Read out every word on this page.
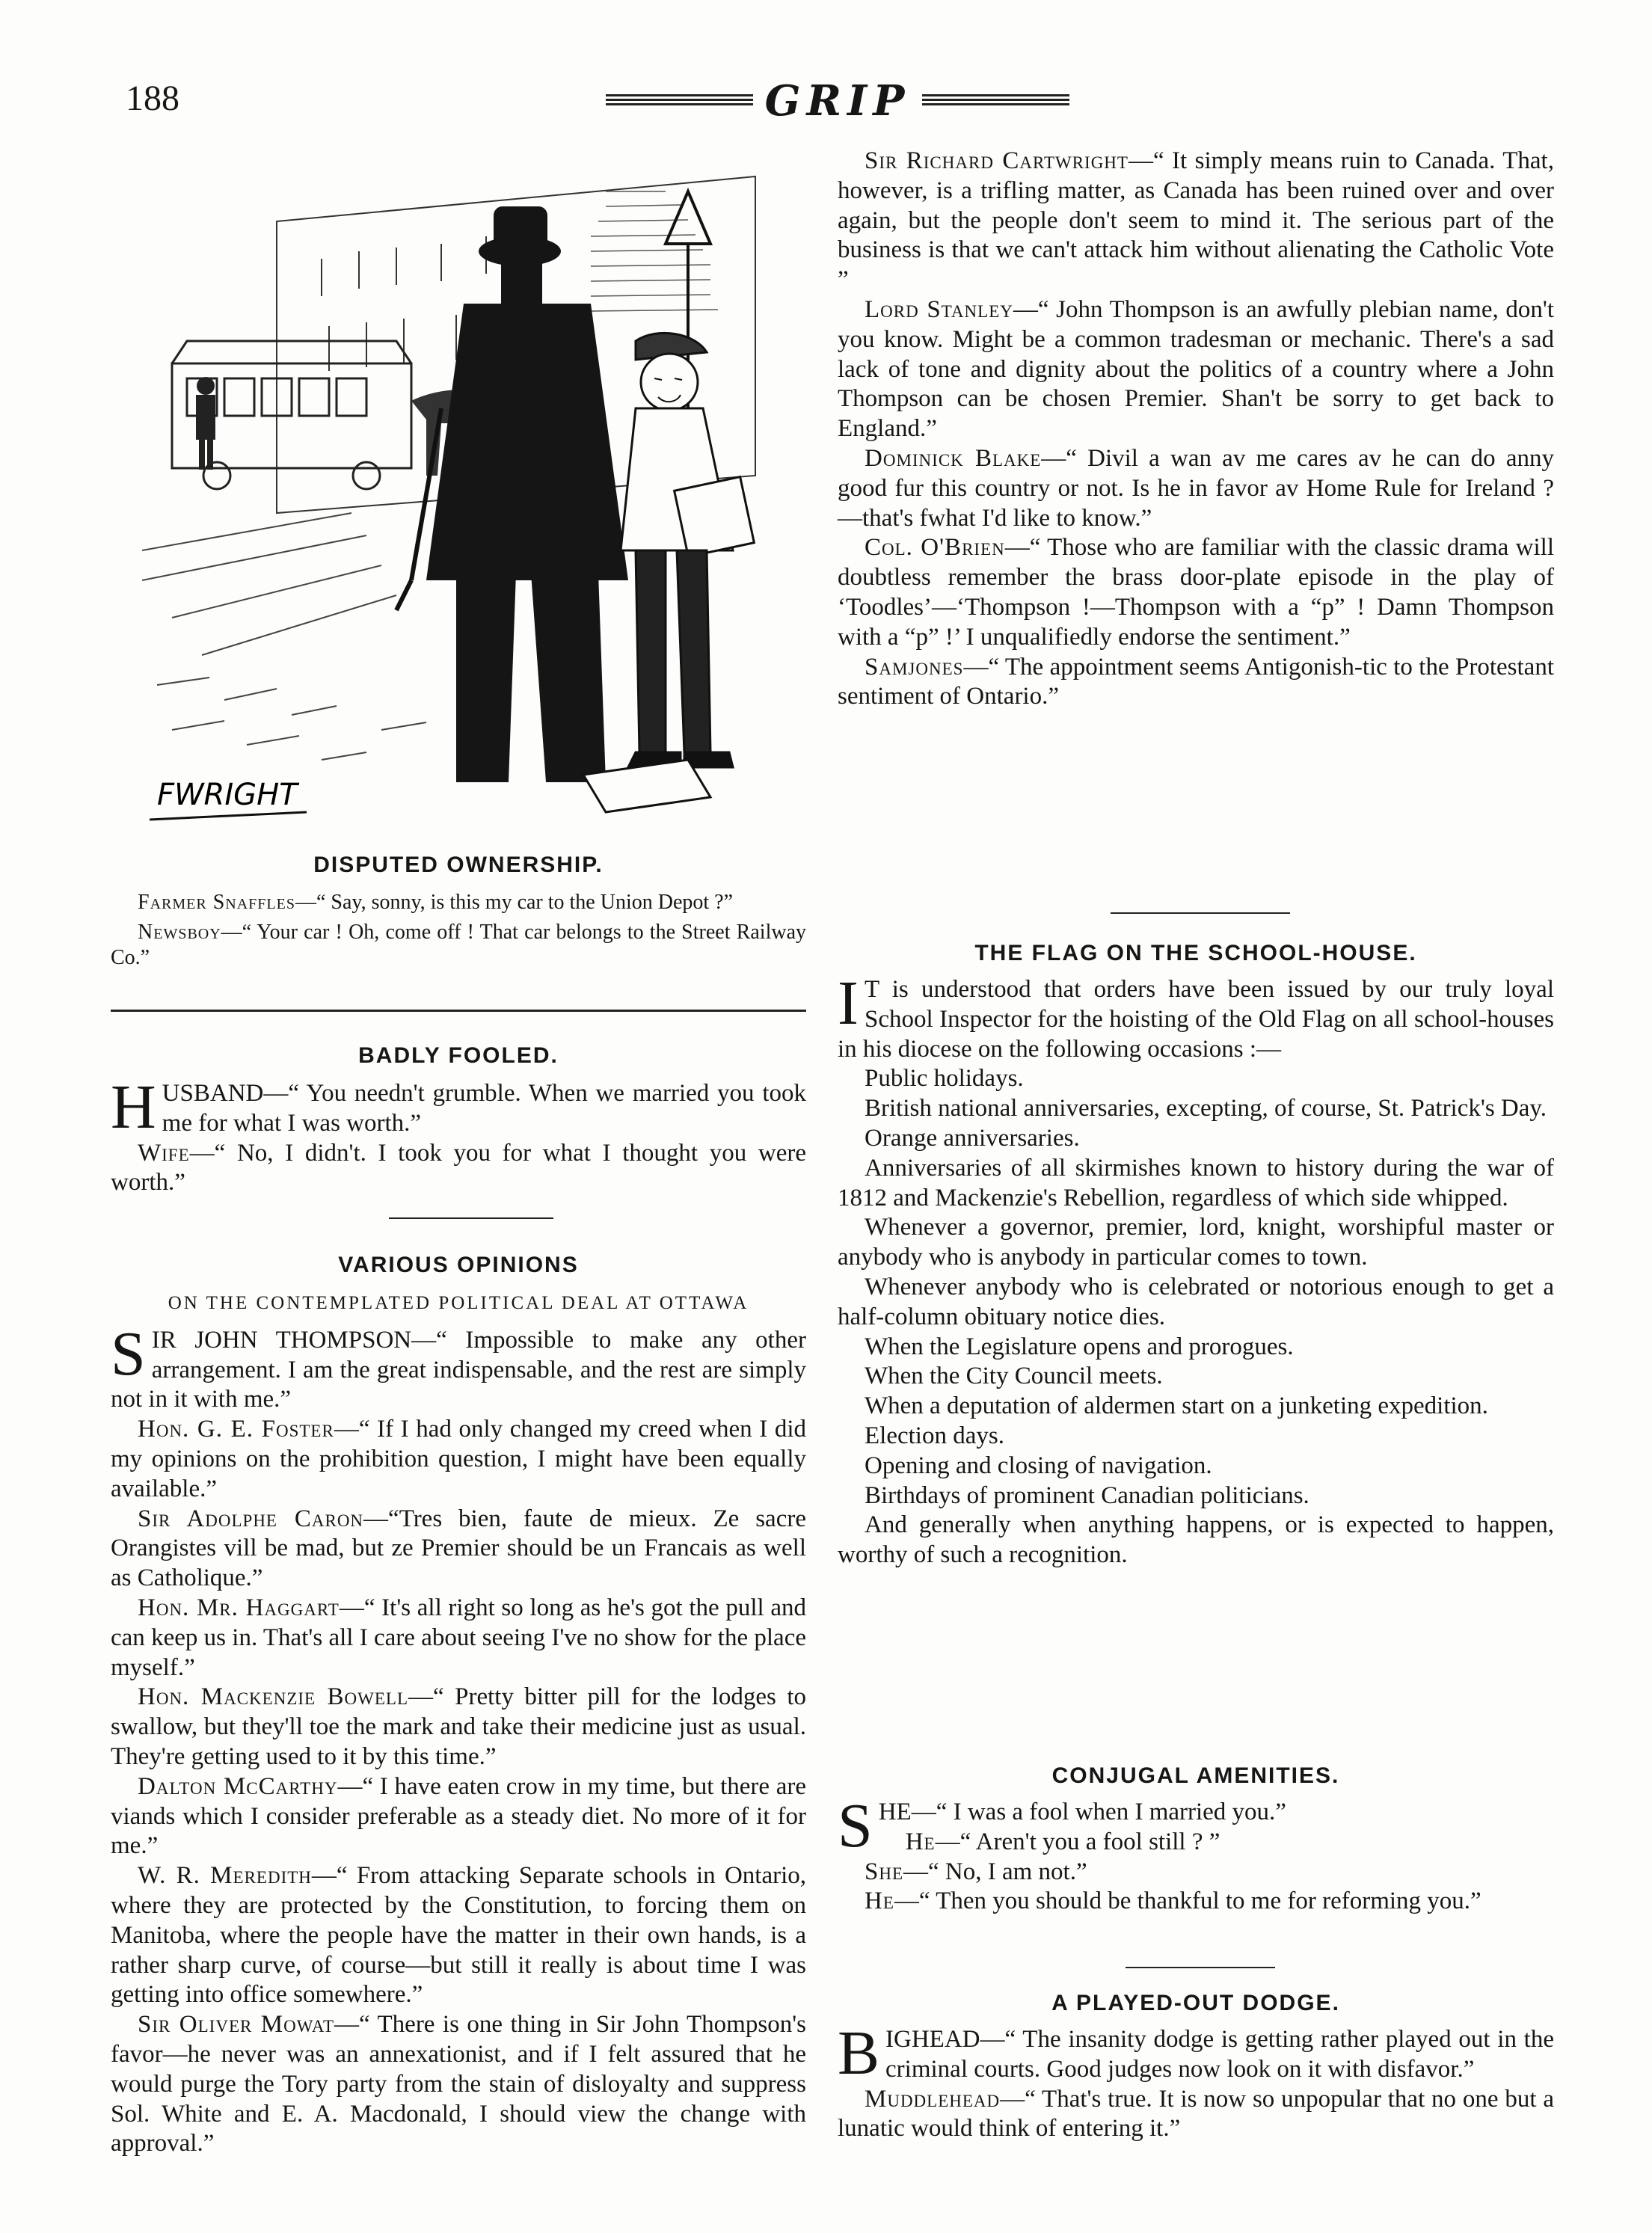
188	GRIP
FWRIGHT
DISPUTED OWNERSHIP.

Farmer Snaffles—“ Say, sonny, is this my car to the Union Depot ?”

Newsboy—“ Your car ! Oh, come off ! That car belongs to the Street Railway Co.”

BADLY FOOLED.

HUSBAND—“ You needn't grumble. When we married you took me for what I was worth.”

Wife—“ No, I didn't. I took you for what I thought you were worth.”

VARIOUS OPINIONS

ON THE CONTEMPLATED POLITICAL DEAL AT OTTAWA

SIR JOHN THOMPSON—“ Impossible to make any other arrangement. I am the great indispensable, and the rest are simply not in it with me.”

Hon. G. E. Foster—“ If I had only changed my creed when I did my opinions on the prohibition question, I might have been equally available.”

Sir Adolphe Caron—“Tres bien, faute de mieux. Ze sacre Orangistes vill be mad, but ze Premier should be un Francais as well as Catholique.”

Hon. Mr. Haggart—“ It's all right so long as he's got the pull and can keep us in. That's all I care about seeing I've no show for the place myself.”

Hon. Mackenzie Bowell—“ Pretty bitter pill for the lodges to swallow, but they'll toe the mark and take their medicine just as usual. They're getting used to it by this time.”

Dalton McCarthy—“ I have eaten crow in my time, but there are viands which I consider preferable as a steady diet. No more of it for me.”

W. R. Meredith—“ From attacking Separate schools in Ontario, where they are protected by the Constitution, to forcing them on Manitoba, where the people have the matter in their own hands, is a rather sharp curve, of course—but still it really is about time I was getting into office somewhere.”

Sir Oliver Mowat—“ There is one thing in Sir John Thompson's favor—he never was an annexationist, and if I felt assured that he would purge the Tory party from the stain of disloyalty and suppress Sol. White and E. A. Macdonald, I should view the change with approval.”

Sir Richard Cartwright—“ It simply means ruin to Canada. That, however, is a trifling matter, as Canada has been ruined over and over again, but the people don't seem to mind it. The serious part of the business is that we can't attack him without alienating the Catholic Vote ”

Lord Stanley—“ John Thompson is an awfully plebian name, don't you know. Might be a common tradesman or mechanic. There's a sad lack of tone and dignity about the politics of a country where a John Thompson can be chosen Premier. Shan't be sorry to get back to England.”

Dominick Blake—“ Divil a wan av me cares av he can do anny good fur this country or not. Is he in favor av Home Rule for Ireland ?—that's fwhat I'd like to know.”

Col. O'Brien—“ Those who are familiar with the classic drama will doubtless remember the brass door-plate episode in the play of ‘Toodles’—‘Thompson !—Thompson with a “p” ! Damn Thompson with a “p” !’ I unqualifiedly endorse the sentiment.”

Samjones—“ The appointment seems Antigonish-tic to the Protestant sentiment of Ontario.”

THE FLAG ON THE SCHOOL-HOUSE.

I T is understood that orders have been issued by our truly loyal School Inspector for the hoisting of the Old Flag on all school-houses in his diocese on the following occasions :—

Public holidays.

British national anniversaries, excepting, of course, St. Patrick's Day.

Orange anniversaries.

Anniversaries of all skirmishes known to history during the war of 1812 and Mackenzie's Rebellion, regardless of which side whipped.

Whenever a governor, premier, lord, knight, worshipful master or anybody who is anybody in particular comes to town.

Whenever anybody who is celebrated or notorious enough to get a half-column obituary notice dies.

When the Legislature opens and prorogues.

When the City Council meets.

When a deputation of aldermen start on a junketing expedition.

Election days.

Opening and closing of navigation.

Birthdays of prominent Canadian politicians.

And generally when anything happens, or is expected to happen, worthy of such a recognition.

CONJUGAL AMENITIES.

SHE—“ I was a fool when I married you.”

He—“ Aren't you a fool still ? ”

She—“ No, I am not.”

He—“ Then you should be thankful to me for reforming you.”

A PLAYED-OUT DODGE.

BIGHEAD—“ The insanity dodge is getting rather played out in the criminal courts. Good judges now look on it with disfavor.”

Muddlehead—“ That's true. It is now so unpopular that no one but a lunatic would think of entering it.”
